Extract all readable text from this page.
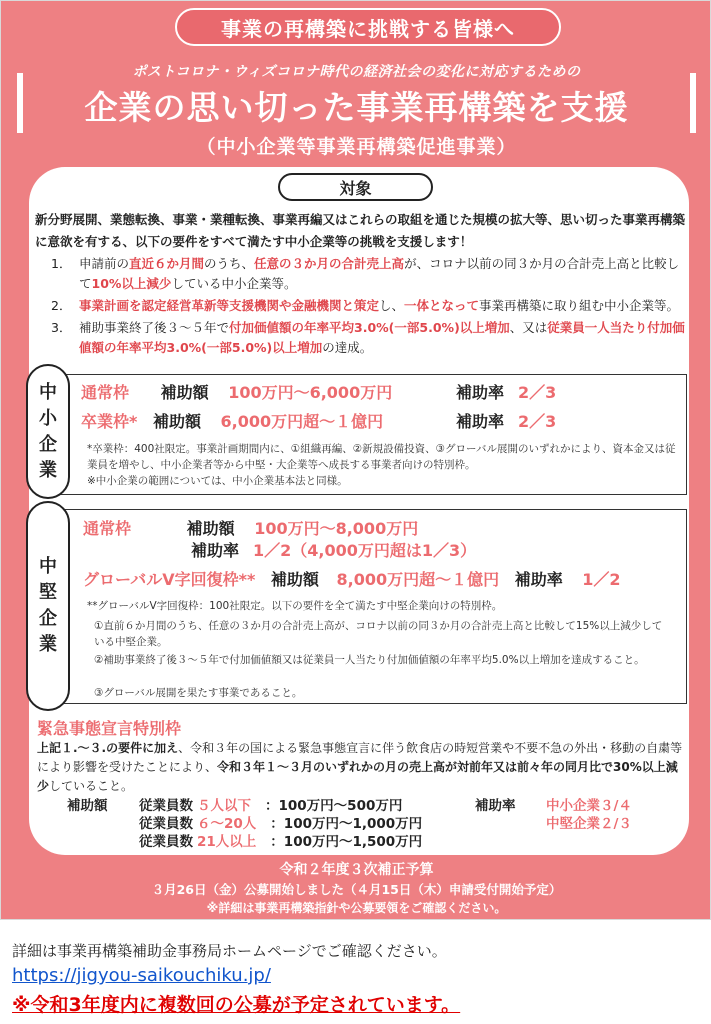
事業の再構築に挑戦する皆様へ
ポストコロナ・ウィズコロナ時代の経済社会の変化に対応するための
企業の思い切った事業再構築を支援
（中小企業等事業再構築促進事業）
対象
新分野展開、業態転換、事業・業種転換、事業再編又はこれらの取組を通じた規模の拡大等、思い切った事業再構築に意欲を有する、以下の要件をすべて満たす中小企業等の挑戦を支援します！
1． 申請前の直近６か月間のうち、任意の３か月の合計売上高が、コロナ以前の同３か月の合計売上高と比較して10%以上減少している中小企業等。
2． 事業計画を認定経営革新等支援機関や金融機関と策定し、一体となって事業再構築に取り組む中小企業等。
3． 補助事業終了後３～５年で付加価値額の年率平均3.0%(一部5.0%)以上増加、又は従業員一人当たり付加価値額の年率平均3.0%(一部5.0%)以上増加の達成。
中
小
企
業
通常枠 補助額 100万円～6,000万円	補助率 2／3
卒業枠* 補助額 6,000万円超～１億円	補助率 2／3
*卒業枠：400社限定。事業計画期間内に、①組織再編、②新規設備投資、③グローバル展開のいずれかにより、資本金又は従業員を増やし、中小企業者等から中堅・大企業等へ成長する事業者向けの特別枠。
※中小企業の範囲については、中小企業基本法と同様。
中
堅
企
業
通常枠	補助額 100万円～8,000万円
補助率 1／2（4,000万円超は1／3）
グローバルV字回復枠** 補助額 8,000万円超～１億円 補助率 1／2
**グローバルV字回復枠：100社限定。以下の要件を全て満たす中堅企業向けの特別枠。
①直前６か月間のうち、任意の３か月の合計売上高が、コロナ以前の同３か月の合計売上高と比較して15%以上減少している中堅企業。
②補助事業終了後３～５年で付加価値額又は従業員一人当たり付加価値額の年率平均5.0%以上増加を達成すること。
③グローバル展開を果たす事業であること。
緊急事態宣言特別枠
上記１.～３.の要件に加え、令和３年の国による緊急事態宣言に伴う飲食店の時短営業や不要不急の外出・移動の自粛等により影響を受けたことにより、令和３年１～３月のいずれかの月の売上高が対前年又は前々年の同月比で30%以上減少していること。
補助額 従業員数 ５人以下 ：100万円～500万円
従業員数 ６～20人 ：100万円～1,000万円
従業員数 21人以上 ：100万円～1,500万円
補助率 中小企業３/４
中堅企業２/３
令和２年度３次補正予算
３月26日（金）公募開始しました（４月15日（木）申請受付開始予定）
※詳細は事業再構築指針や公募要領をご確認ください。
詳細は事業再構築補助金事務局ホームページでご確認ください。
https://jigyou-saikouchiku.jp/
※令和3年度内に複数回の公募が予定されています。
